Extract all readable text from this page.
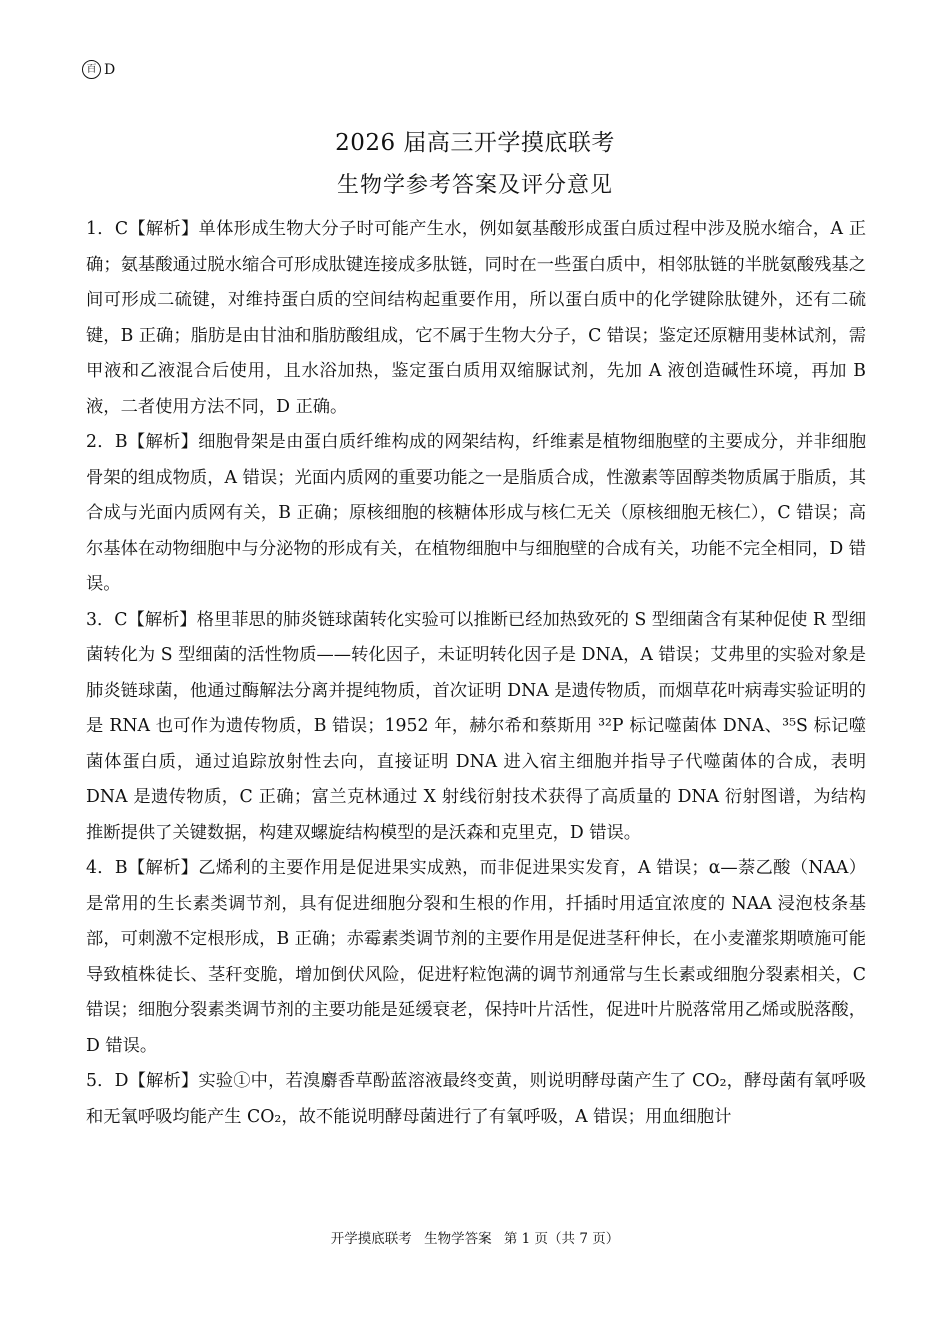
百 D
2026 届高三开学摸底联考
生物学参考答案及评分意见

1．C【解析】单体形成生物大分子时可能产生水，例如氨基酸形成蛋白质过程中涉及脱水缩合，A 正确；氨基酸通过脱水缩合可形成肽键连接成多肽链，同时在一些蛋白质中，相邻肽链的半胱氨酸残基之间可形成二硫键，对维持蛋白质的空间结构起重要作用，所以蛋白质中的化学键除肽键外，还有二硫键，B 正确；脂肪是由甘油和脂肪酸组成，它不属于生物大分子，C 错误；鉴定还原糖用斐林试剂，需甲液和乙液混合后使用，且水浴加热，鉴定蛋白质用双缩脲试剂，先加 A 液创造碱性环境，再加 B 液，二者使用方法不同，D 正确。

2．B【解析】细胞骨架是由蛋白质纤维构成的网架结构，纤维素是植物细胞壁的主要成分，并非细胞骨架的组成物质，A 错误；光面内质网的重要功能之一是脂质合成，性激素等固醇类物质属于脂质，其合成与光面内质网有关，B 正确；原核细胞的核糖体形成与核仁无关（原核细胞无核仁），C 错误；高尔基体在动物细胞中与分泌物的形成有关，在植物细胞中与细胞壁的合成有关，功能不完全相同，D 错误。

3．C【解析】格里菲思的肺炎链球菌转化实验可以推断已经加热致死的 S 型细菌含有某种促使 R 型细菌转化为 S 型细菌的活性物质——转化因子，未证明转化因子是 DNA，A 错误；艾弗里的实验对象是肺炎链球菌，他通过酶解法分离并提纯物质，首次证明 DNA 是遗传物质，而烟草花叶病毒实验证明的是 RNA 也可作为遗传物质，B 错误；1952 年，赫尔希和蔡斯用 ³²P 标记噬菌体 DNA、³⁵S 标记噬菌体蛋白质，通过追踪放射性去向，直接证明 DNA 进入宿主细胞并指导子代噬菌体的合成，表明 DNA 是遗传物质，C 正确；富兰克林通过 X 射线衍射技术获得了高质量的 DNA 衍射图谱，为结构推断提供了关键数据，构建双螺旋结构模型的是沃森和克里克，D 错误。

4．B【解析】乙烯利的主要作用是促进果实成熟，而非促进果实发育，A 错误；α—萘乙酸（NAA）是常用的生长素类调节剂，具有促进细胞分裂和生根的作用，扦插时用适宜浓度的 NAA 浸泡枝条基部，可刺激不定根形成，B 正确；赤霉素类调节剂的主要作用是促进茎秆伸长，在小麦灌浆期喷施可能导致植株徒长、茎秆变脆，增加倒伏风险，促进籽粒饱满的调节剂通常与生长素或细胞分裂素相关，C 错误；细胞分裂素类调节剂的主要功能是延缓衰老，保持叶片活性，促进叶片脱落常用乙烯或脱落酸，D 错误。

5．D【解析】实验①中，若溴麝香草酚蓝溶液最终变黄，则说明酵母菌产生了 CO₂，酵母菌有氧呼吸和无氧呼吸均能产生 CO₂，故不能说明酵母菌进行了有氧呼吸，A 错误；用血细胞计

开学摸底联考 生物学答案 第 1 页（共 7 页）
